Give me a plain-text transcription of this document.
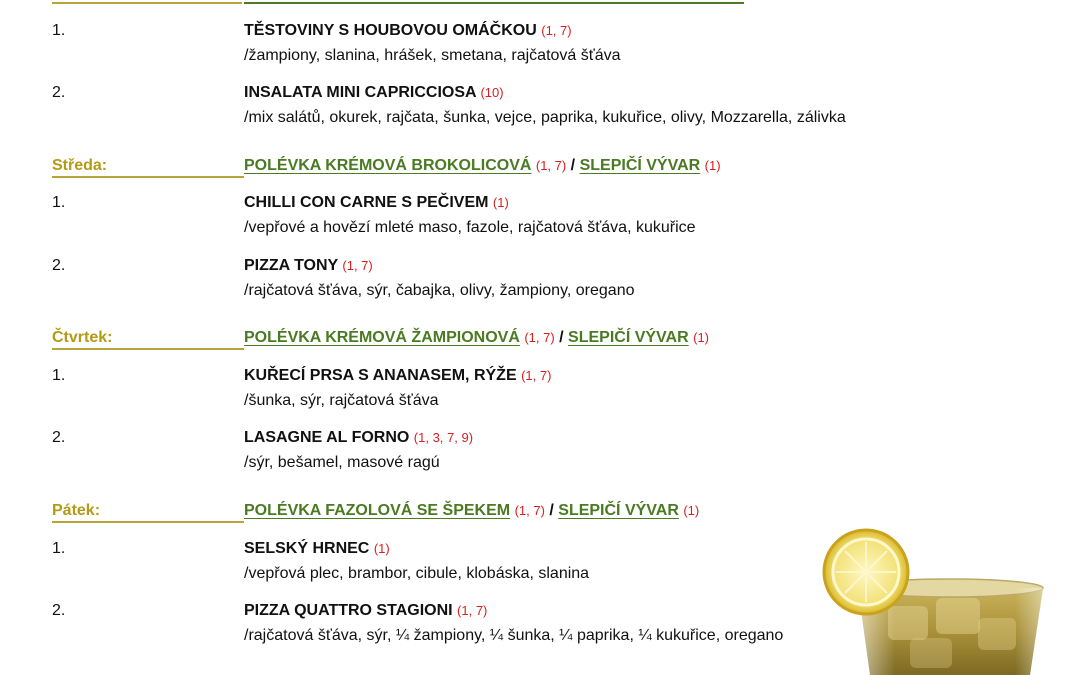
1.	TĚSTOVINY S HOUBOVOU OMÁČKOU (1, 7)
/žampiony, slanina, hrášek, smetana, rajčatová šťáva
2.	INSALATA MINI CAPRICCIOSA (10)
/mix salátů, okurek, rajčata, šunka, vejce, paprika, kukuřice, olivy, Mozzarella, zálivka
Středa:	POLÉVKA KRÉMOVÁ BROKOLICOVÁ (1, 7) / SLEPIČÍ VÝVAR (1)
1.	CHILLI CON CARNE S PEČIVEM (1)
/vepřové a hovězí mleté maso, fazole, rajčatová šťáva, kukuřice
2.	PIZZA TONY (1, 7)
/rajčatová šťáva, sýr, čabajka, olivy, žampiony, oregano
Čtvrtek:	POLÉVKA KRÉMOVÁ ŽAMPIONOVÁ (1, 7) / SLEPIČÍ VÝVAR (1)
1.	KUŘECÍ PRSA S ANANASEM, RÝŽE (1, 7)
/šunka, sýr, rajčatová šťáva
2.	LASAGNE AL FORNO (1, 3, 7, 9)
/sýr, bešamel, masové ragú
Pátek:	POLÉVKA FAZOLOVÁ SE ŠPEKEM (1, 7) / SLEPIČÍ VÝVAR (1)
1.	SELSKÝ HRNEC (1)
/vepřová plec, brambor, cibule, klobáska, slanina
2.	PIZZA QUATTRO STAGIONI (1, 7)
/rajčatová šťáva, sýr, ¼ žampiony, ¼ šunka, ¼ paprika, ¼ kukuřice, oregano
